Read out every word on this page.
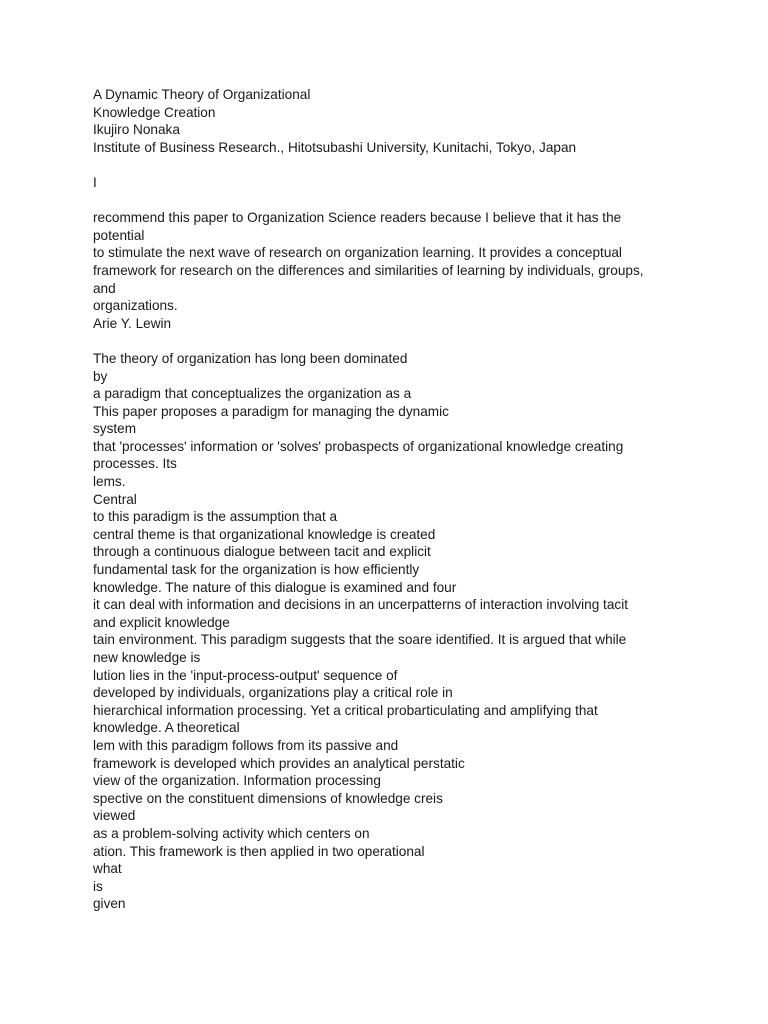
A Dynamic Theory of Organizational
Knowledge Creation
Ikujiro Nonaka
Institute of Business Research., Hitotsubashi University, Kunitachi, Tokyo, Japan
I
recommend this paper to Organization Science readers because I believe that it has the
potential
to stimulate the next wave of research on organization learning. It provides a conceptual
framework for research on the differences and similarities of learning by individuals, groups,
and
organizations.
Arie Y. Lewin
The theory of organization has long been dominated
by
a paradigm that conceptualizes the organization as a
This paper proposes a paradigm for managing the dynamic
system
that 'processes' information or 'solves' probaspects of organizational knowledge creating
processes. Its
lems.
Central
to this paradigm is the assumption that a
central theme is that organizational knowledge is created
through a continuous dialogue between tacit and explicit
fundamental task for the organization is how efficiently
knowledge. The nature of this dialogue is examined and four
it can deal with information and decisions in an uncerpatterns of interaction involving tacit
and explicit knowledge
tain environment. This paradigm suggests that the soare identified. It is argued that while
new knowledge is
lution lies in the 'input-process-output' sequence of
developed by individuals, organizations play a critical role in
hierarchical information processing. Yet a critical probarticulating and amplifying that
knowledge. A theoretical
lem with this paradigm follows from its passive and
framework is developed which provides an analytical perstatic
view of the organization. Information processing
spective on the constituent dimensions of knowledge creis
viewed
as a problem-solving activity which centers on
ation. This framework is then applied in two operational
what
is
given
